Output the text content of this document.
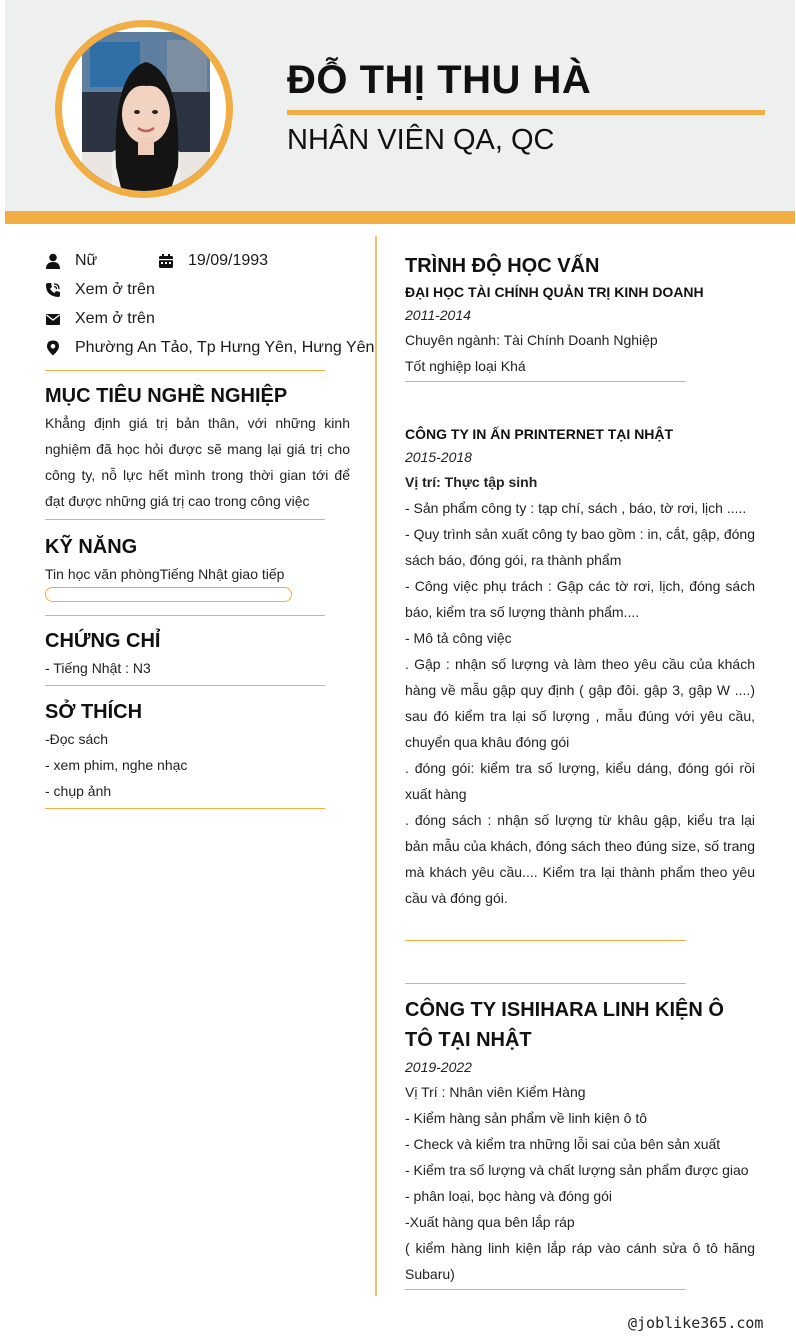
ĐỖ THỊ THU HÀ
NHÂN VIÊN QA, QC
Nữ	19/09/1993
Xem ở trên
Xem ở trên
Phường An Tảo, Tp Hưng Yên, Hưng Yên
MỤC TIÊU NGHỀ NGHIỆP
Khẳng định giá trị bản thân, với những kinh nghiệm đã học hỏi được sẽ mang lại giá trị cho công ty, nỗ lực hết mình trong thời gian tới để đạt được những giá trị cao trong công việc
KỸ NĂNG
Tin học văn phòngTiếng Nhật giao tiếp
CHỨNG CHỈ
- Tiếng Nhật : N3
SỞ THÍCH
-Đọc sách
- xem phim, nghe nhạc
- chụp ảnh
TRÌNH ĐỘ HỌC VẤN
ĐẠI HỌC TÀI CHÍNH QUẢN TRỊ KINH DOANH
2011-2014
Chuyên ngành: Tài Chính Doanh Nghiệp
Tốt nghiệp loại Khá
CÔNG TY IN ẤN PRINTERNET TẠI NHẬT
2015-2018
Vị trí: Thực tập sinh
- Sản phẩm công ty : tạp chí, sách , báo, tờ rơi, lịch .....
- Quy trình sản xuất công ty bao gồm : in, cắt, gập, đóng sách báo, đóng gói, ra thành phẩm
- Công việc phụ trách : Gập các tờ rơi, lịch, đóng sách báo, kiểm tra số lượng thành phẩm....
- Mô tả công việc
. Gập : nhận số lượng và làm theo yêu cầu của khách hàng về mẫu gập quy định ( gập đôi. gập 3, gập W ....) sau đó kiểm tra lại số lượng , mẫu đúng với yêu cầu, chuyển qua khâu đóng gói
. đóng gói: kiểm tra số lượng, kiểu dáng, đóng gói rồi xuất hàng
. đóng sách : nhận số lượng từ khâu gập, kiểu tra lại bản mẫu của khách, đóng sách theo đúng size, số trang mà khách yêu cầu.... Kiểm tra lại thành phẩm theo yêu cầu và đóng gói.
CÔNG TY ISHIHARA LINH KIỆN Ô TÔ TẠI NHẬT
2019-2022
Vị Trí : Nhân viên Kiểm Hàng
- Kiểm hàng sản phẩm về linh kiện ô tô
- Check và kiểm tra những lỗi sai của bên sản xuất
- Kiểm tra số lượng và chất lượng sản phẩm được giao
- phân loại, bọc hàng và đóng gói
-Xuất hàng qua bên lắp ráp
( kiểm hàng linh kiện lắp ráp vào cánh sửa ô tô hãng Subaru)
@joblike365.com
